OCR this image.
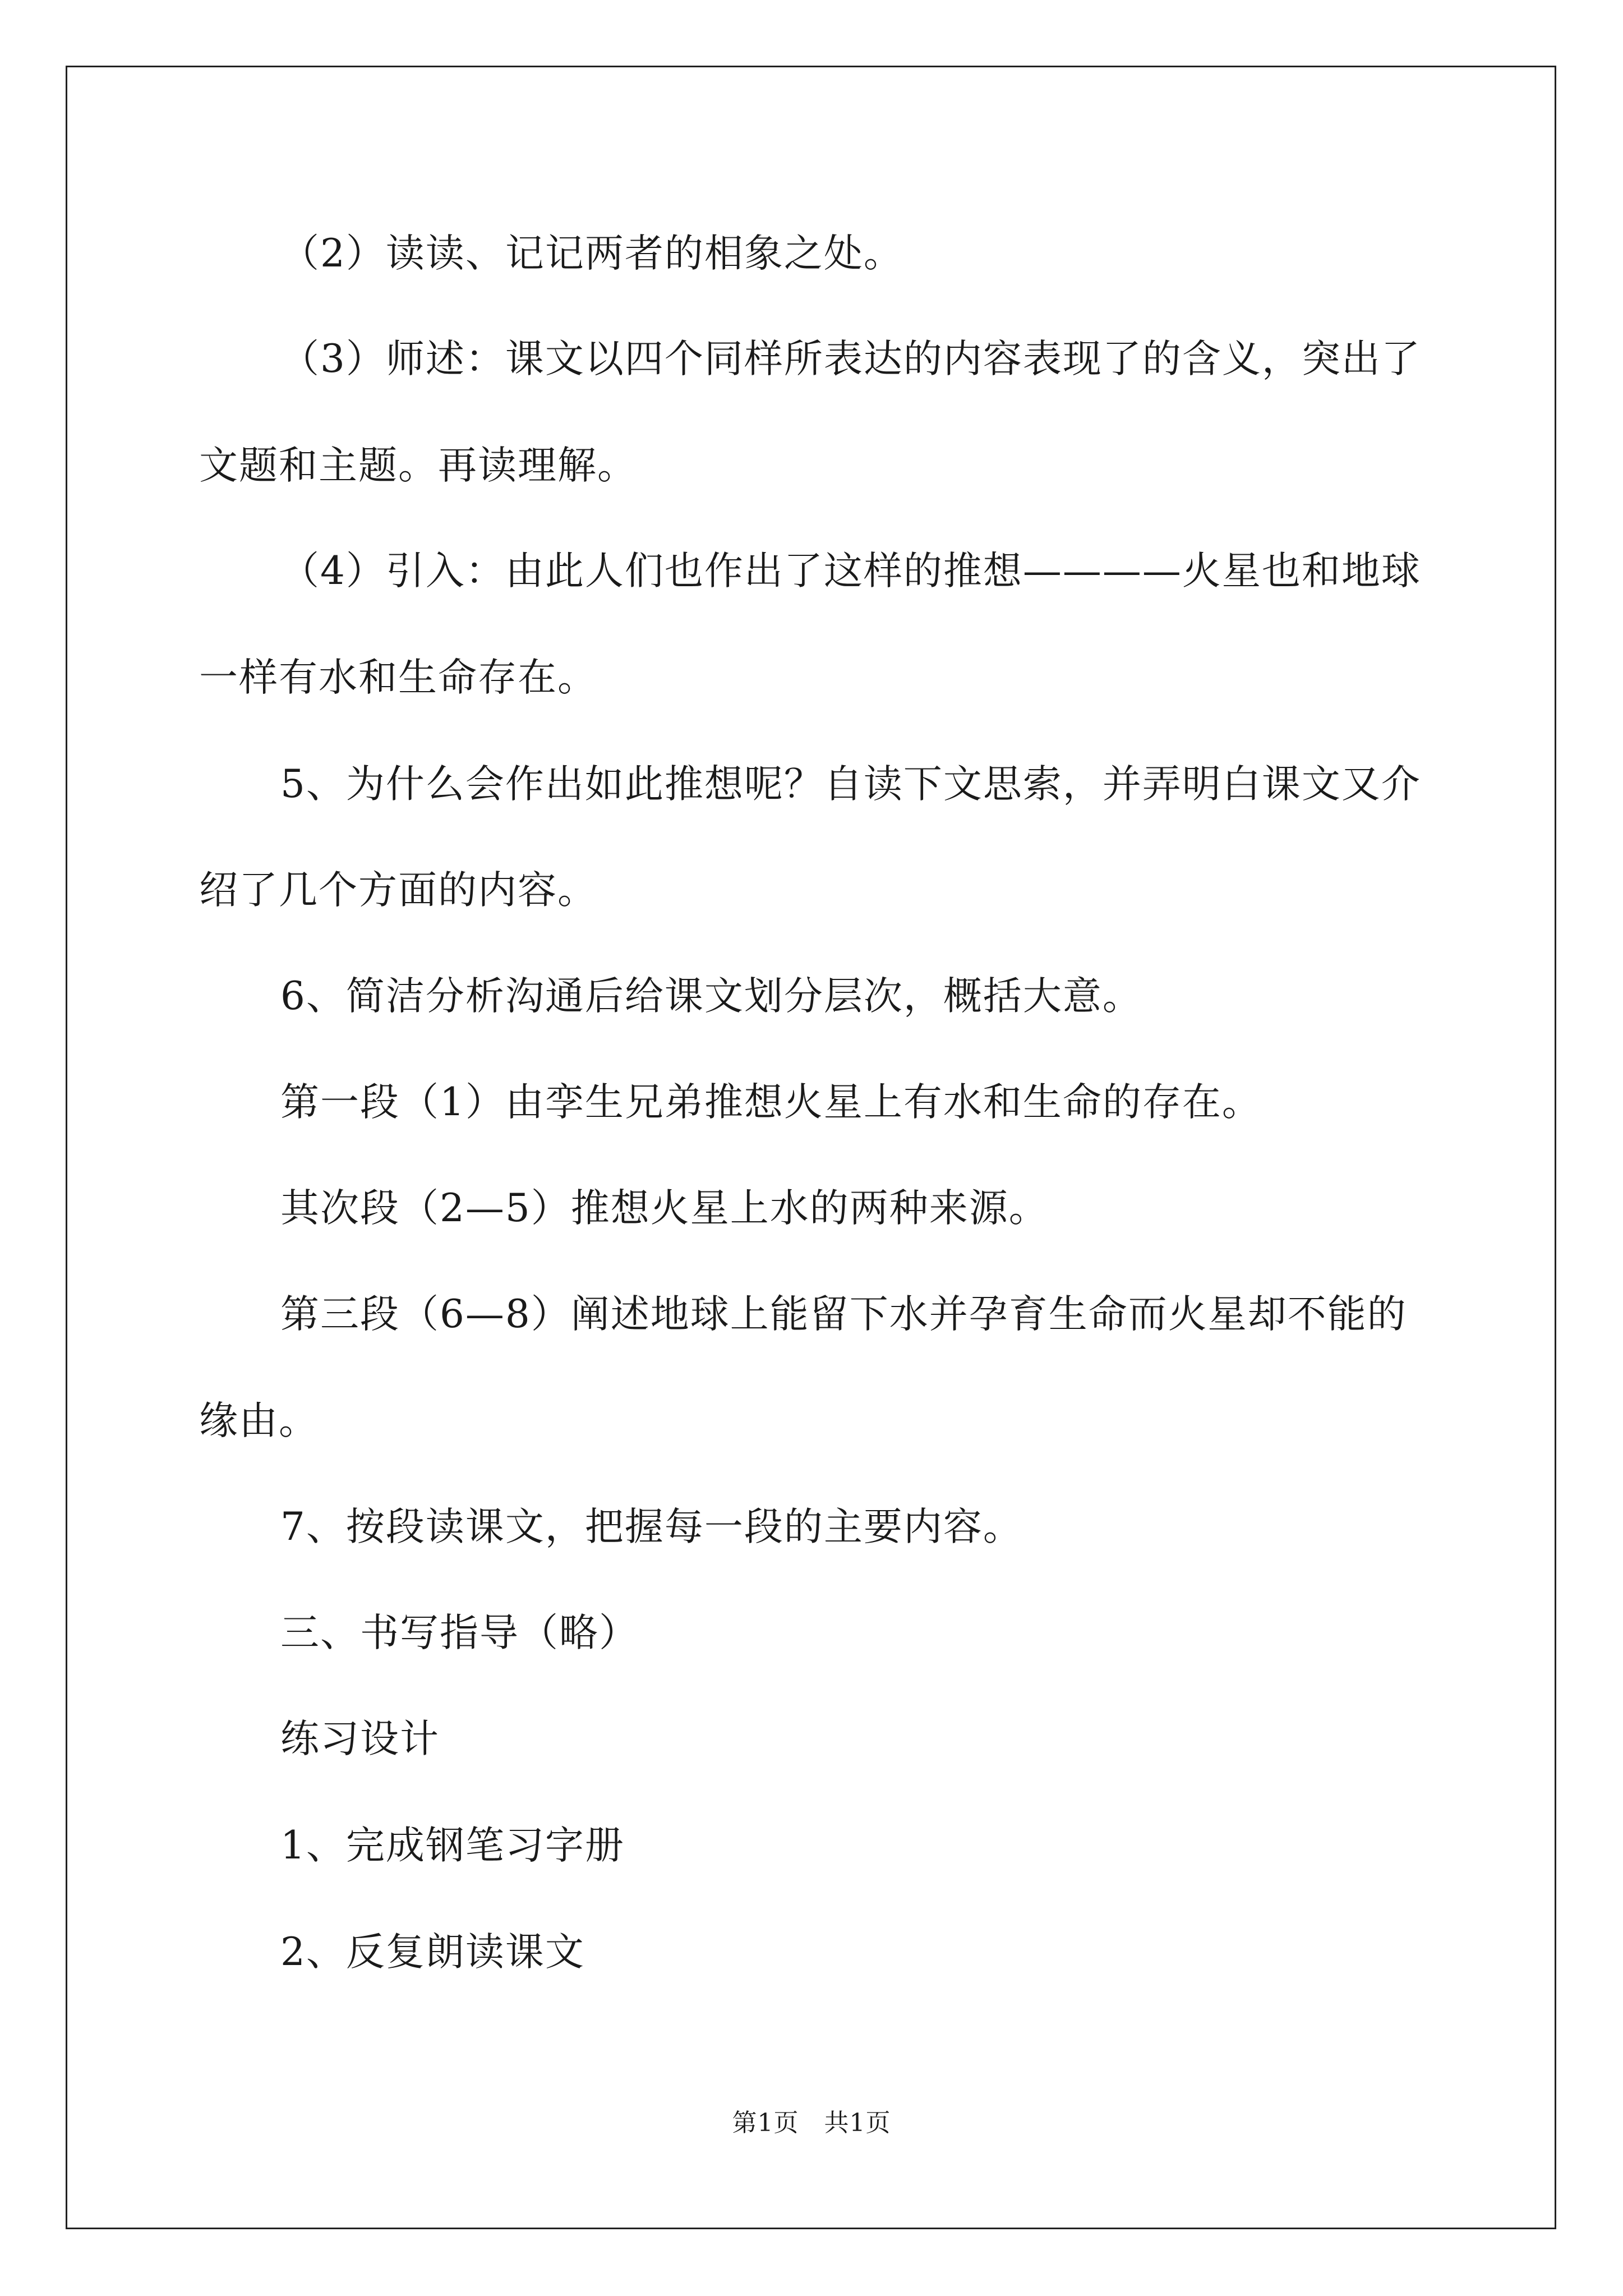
（2）读读、记记两者的相象之处。
（3）师述：课文以四个同样所表达的内容表现了的含义，突出了
文题和主题。再读理解。
（4）引入：由此人们也作出了这样的推想————火星也和地球
一样有水和生命存在。
5、为什么会作出如此推想呢？自读下文思索，并弄明白课文又介
绍了几个方面的内容。
6、简洁分析沟通后给课文划分层次，概括大意。
第一段（1）由孪生兄弟推想火星上有水和生命的存在。
其次段（2—5）推想火星上水的两种来源。
第三段（6—8）阐述地球上能留下水并孕育生命而火星却不能的
缘由。
7、按段读课文，把握每一段的主要内容。
三、书写指导（略）
练习设计
1、完成钢笔习字册
2、反复朗读课文
第1页　共1页
